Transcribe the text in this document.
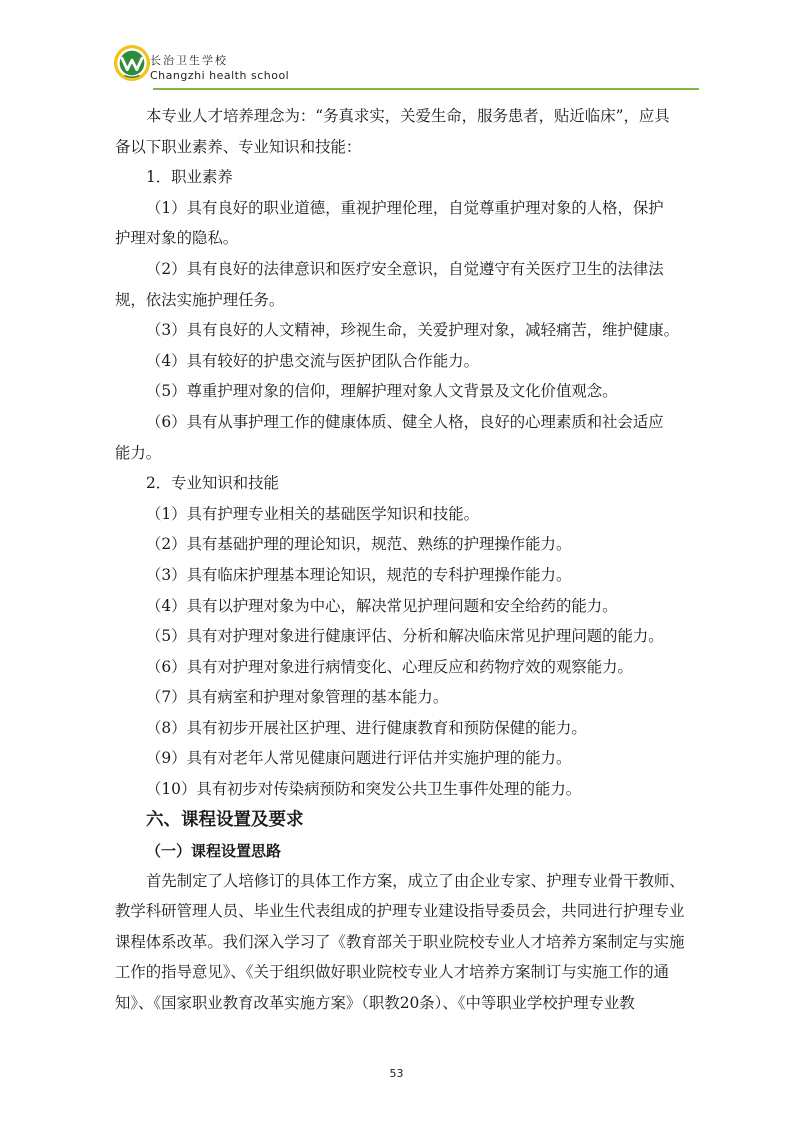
长治卫生学校
Changzhi health school

本专业人才培养理念为：“务真求实，关爱生命，服务患者，贴近临床”，应具

备以下职业素养、专业知识和技能：

1．职业素养

（1）具有良好的职业道德，重视护理伦理，自觉尊重护理对象的人格，保护

护理对象的隐私。

（2）具有良好的法律意识和医疗安全意识，自觉遵守有关医疗卫生的法律法

规，依法实施护理任务。

（3）具有良好的人文精神，珍视生命，关爱护理对象，减轻痛苦，维护健康。

（4）具有较好的护患交流与医护团队合作能力。

（5）尊重护理对象的信仰，理解护理对象人文背景及文化价值观念。

（6）具有从事护理工作的健康体质、健全人格，良好的心理素质和社会适应

能力。

2．专业知识和技能

（1）具有护理专业相关的基础医学知识和技能。

（2）具有基础护理的理论知识，规范、熟练的护理操作能力。

（3）具有临床护理基本理论知识，规范的专科护理操作能力。

（4）具有以护理对象为中心，解决常见护理问题和安全给药的能力。

（5）具有对护理对象进行健康评估、分析和解决临床常见护理问题的能力。

（6）具有对护理对象进行病情变化、心理反应和药物疗效的观察能力。

（7）具有病室和护理对象管理的基本能力。

（8）具有初步开展社区护理、进行健康教育和预防保健的能力。

（9）具有对老年人常见健康问题进行评估并实施护理的能力。

（10）具有初步对传染病预防和突发公共卫生事件处理的能力。

六、课程设置及要求
（一）课程设置思路

首先制定了人培修订的具体工作方案，成立了由企业专家、护理专业骨干教师、

教学科研管理人员、毕业生代表组成的护理专业建设指导委员会，共同进行护理专业

课程体系改革。我们深入学习了《教育部关于职业院校专业人才培养方案制定与实施

工作的指导意见》、《关于组织做好职业院校专业人才培养方案制订与实施工作的通

知》、《国家职业教育改革实施方案》（职教20条）、《中等职业学校护理专业教

53
